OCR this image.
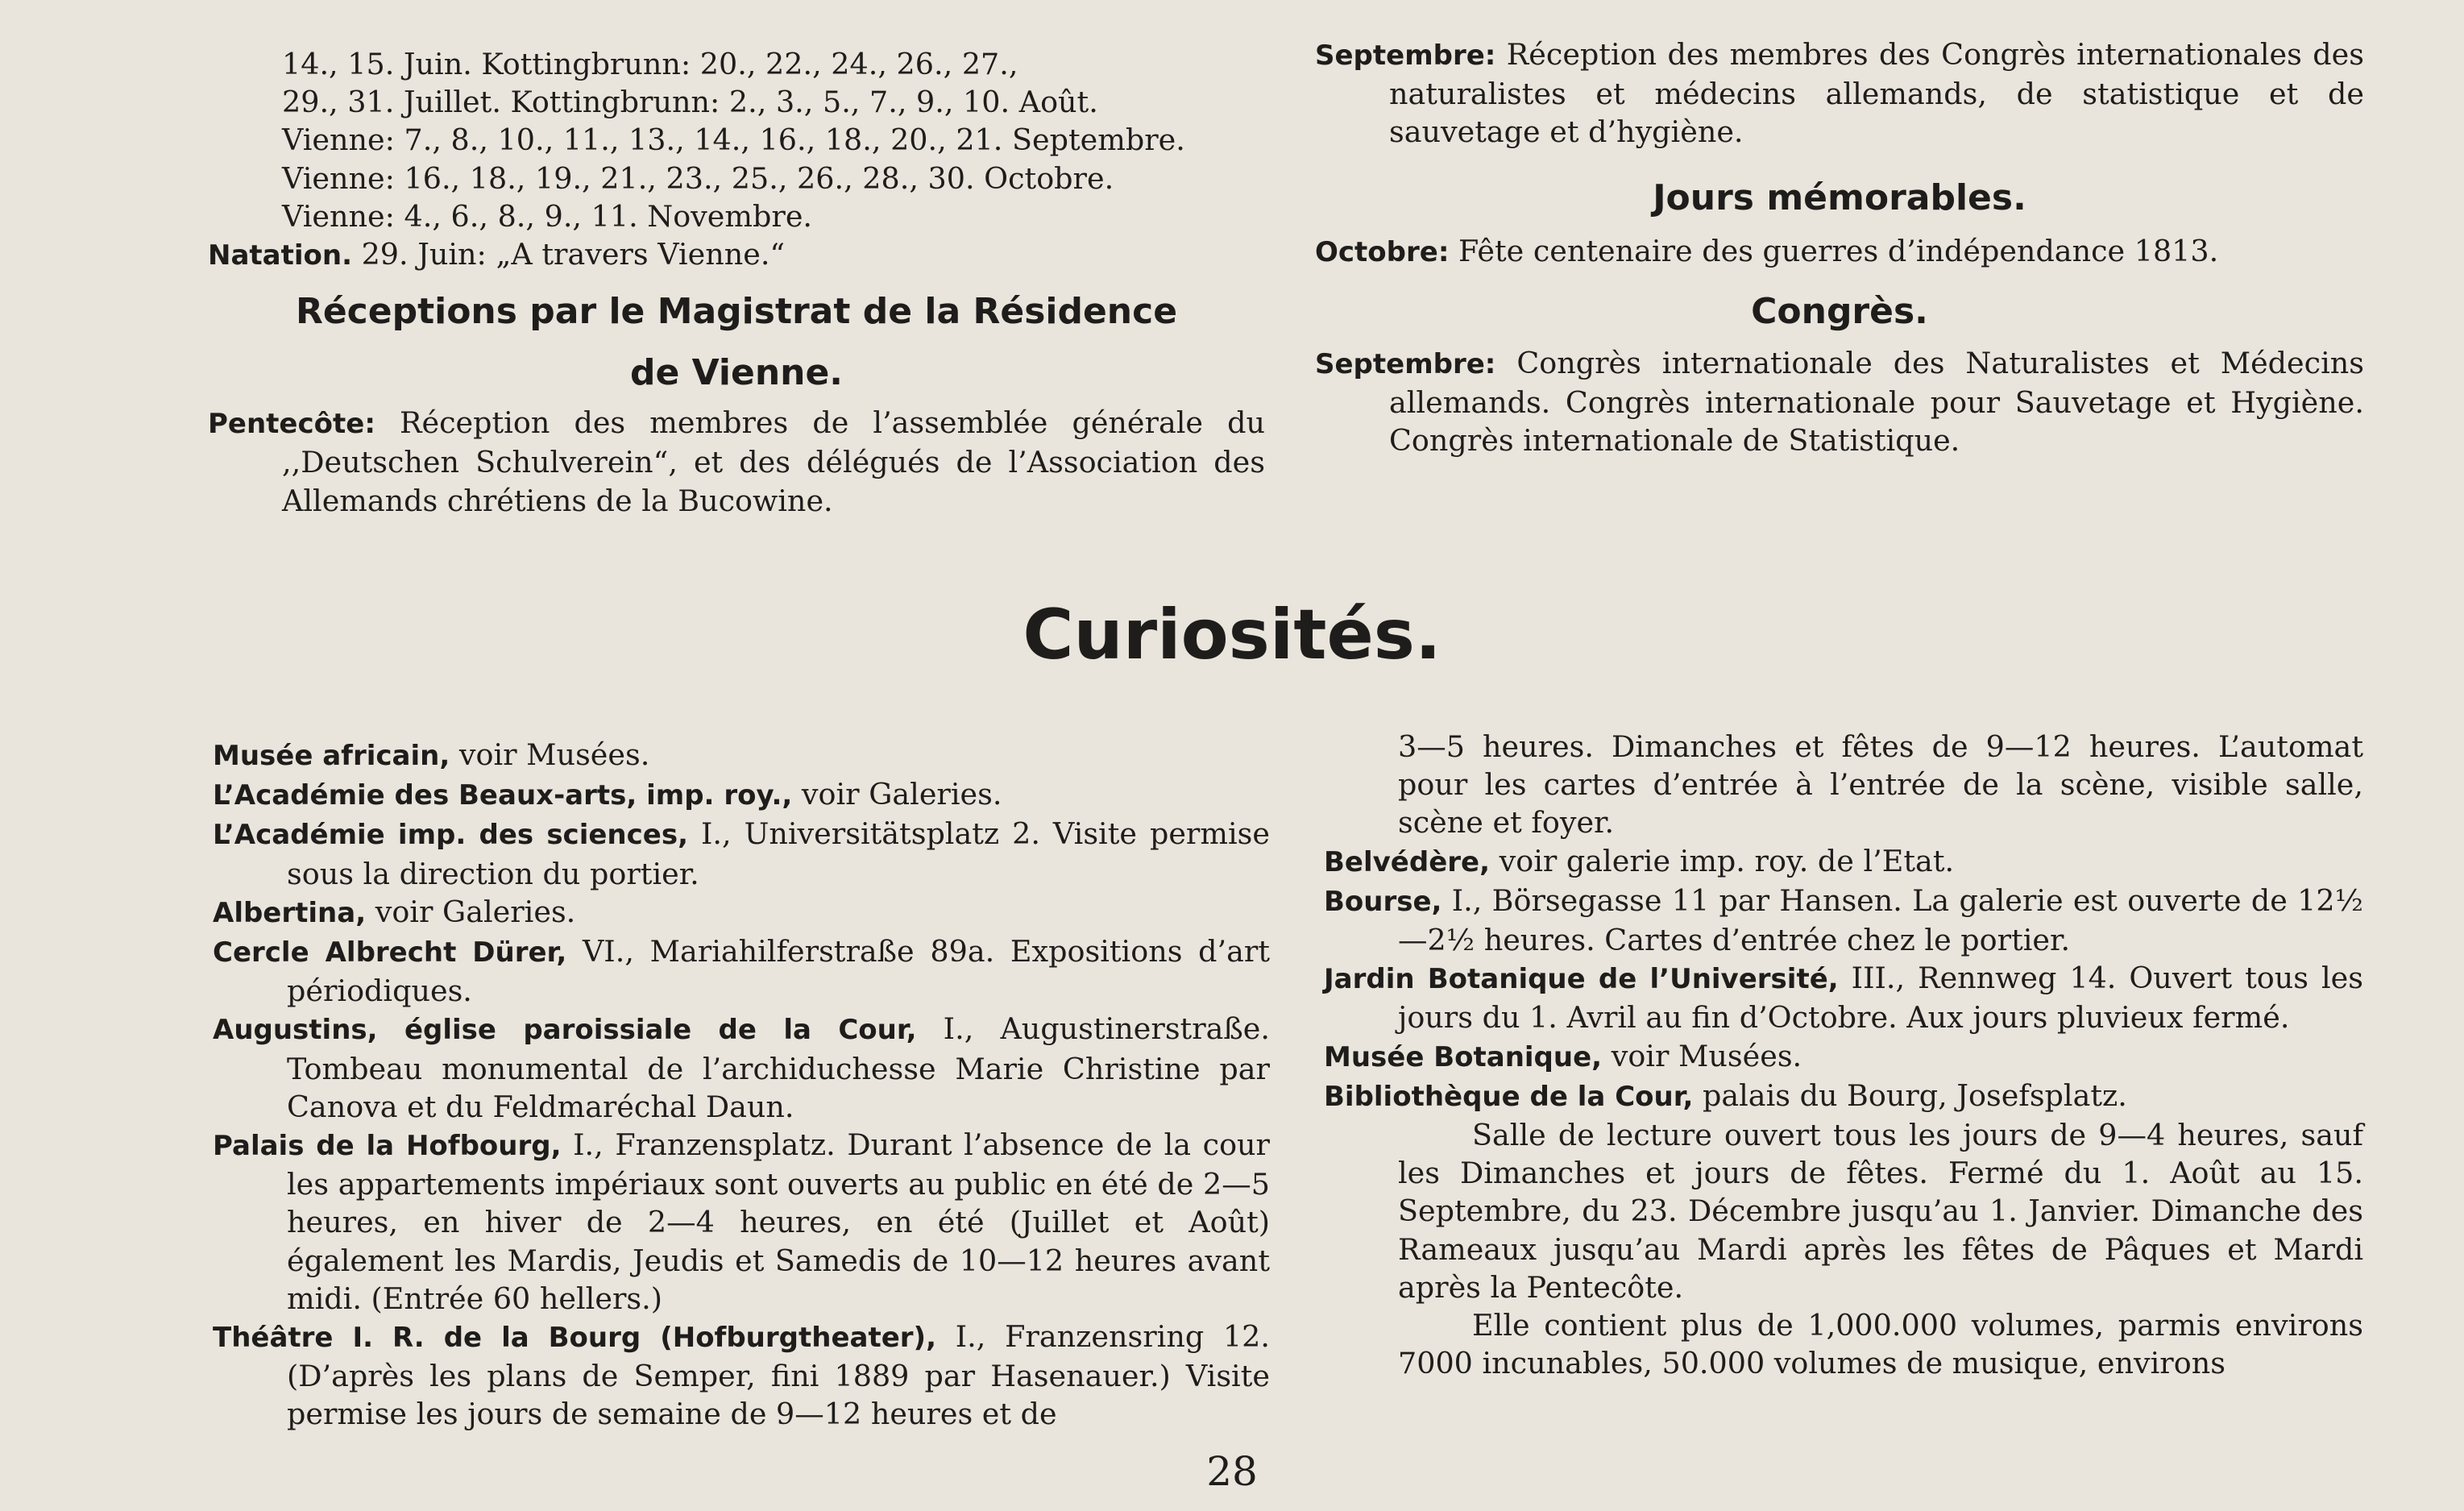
14., 15. Juin. Kottingbrunn: 20., 22., 24., 26., 27.,
29., 31. Juillet. Kottingbrunn: 2., 3., 5., 7., 9., 10. Août.
Vienne: 7., 8., 10., 11., 13., 14., 16., 18., 20., 21. Septembre.
Vienne: 16., 18., 19., 21., 23., 25., 26., 28., 30. Octobre.
Vienne: 4., 6., 8., 9., 11. Novembre.
Natation. 29. Juin: „A travers Vienne.“
Réceptions par le Magistrat de la Résidence
de Vienne.
Pentecôte: Réception des membres de l’assemblée générale du ,,Deutschen Schulverein“, et des délégués de l’Association des Allemands chrétiens de la Bucowine.
Septembre: Réception des membres des Congrès internationales des naturalistes et médecins allemands, de statistique et de sauvetage et d’hygiène.
Jours mémorables.
Octobre: Fête centenaire des guerres d’indépendance 1813.
Congrès.
Septembre: Congrès internationale des Naturalistes et Médecins allemands. Congrès internationale pour Sauvetage et Hygiène. Congrès internationale de Statistique.
Curiosités.
Musée africain, voir Musées.
L’Académie des Beaux-arts, imp. roy., voir Galeries.
L’Académie imp. des sciences, I., Universitätsplatz 2. Visite permise sous la direction du portier.
Albertina, voir Galeries.
Cercle Albrecht Dürer, VI., Mariahilferstraße 89a. Expositions d’art périodiques.
Augustins, église paroissiale de la Cour, I., Augustinerstraße. Tombeau monumental de l’archiduchesse Marie Christine par Canova et du Feldmaréchal Daun.
Palais de la Hofbourg, I., Franzensplatz. Durant l’absence de la cour les appartements impériaux sont ouverts au public en été de 2—5 heures, en hiver de 2—4 heures, en été (Juillet et Août) également les Mardis, Jeudis et Samedis de 10—12 heures avant midi. (Entrée 60 hellers.)
Théâtre I. R. de la Bourg (Hofburgtheater), I., Franzensring 12. (D’après les plans de Semper, fini 1889 par Hasenauer.) Visite permise les jours de semaine de 9—12 heures et de
3—5 heures. Dimanches et fêtes de 9—12 heures. L’automat pour les cartes d’entrée à l’entrée de la scène, visible salle, scène et foyer.
Belvédère, voir galerie imp. roy. de l’Etat.
Bourse, I., Börsegasse 11 par Hansen. La galerie est ouverte de 12½—2½ heures. Cartes d’entrée chez le portier.
Jardin Botanique de l’Université, III., Rennweg 14. Ouvert tous les jours du 1. Avril au fin d’Octobre. Aux jours pluvieux fermé.
Musée Botanique, voir Musées.
Bibliothèque de la Cour, palais du Bourg, Josefsplatz.
Salle de lecture ouvert tous les jours de 9—4 heures, sauf les Dimanches et jours de fêtes. Fermé du 1. Août au 15. Septembre, du 23. Décembre jusqu’au 1. Janvier. Dimanche des Rameaux jusqu’au Mardi après les fêtes de Pâques et Mardi après la Pentecôte.
Elle contient plus de 1,000.000 volumes, parmis environs 7000 incunables, 50.000 volumes de musique, environs
28
